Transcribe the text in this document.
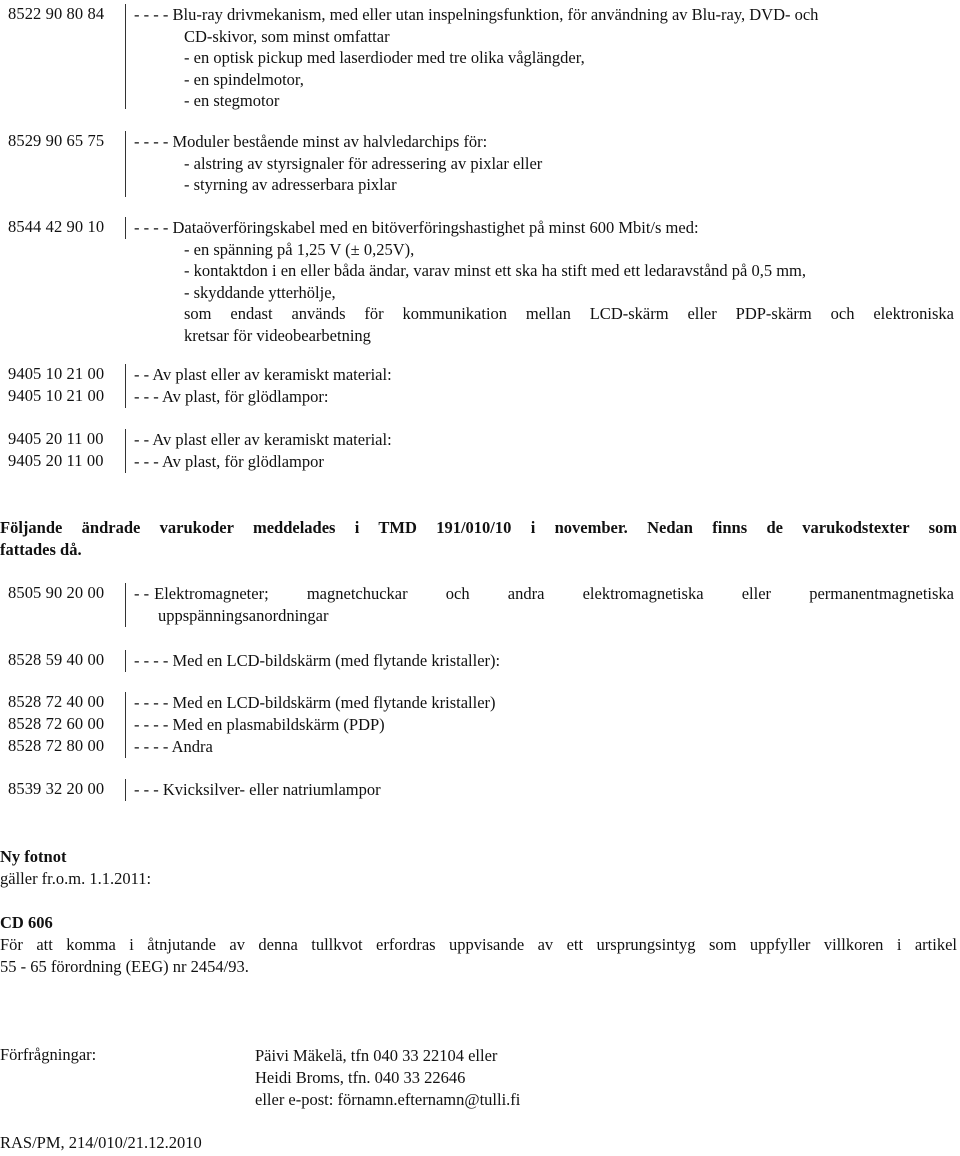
8522 90 80 84	- - - - Blu-ray drivmekanism, med eller utan inspelningsfunktion, för användning av Blu-ray, DVD- och
CD-skivor, som minst omfattar
- en optisk pickup med laserdioder med tre olika våglängder,
- en spindelmotor,
- en stegmotor
8529 90 65 75	- - - - Moduler bestående minst av halvledarchips för:
- alstring av styrsignaler för adressering av pixlar eller
- styrning av adresserbara pixlar
8544 42 90 10	- - - - Dataöverföringskabel med en bitöverföringshastighet på minst 600 Mbit/s med:
- en spänning på 1,25 V (± 0,25V),
- kontaktdon i en eller båda ändar, varav minst ett ska ha stift med ett ledaravstånd på 0,5 mm,
- skyddande ytterhölje,
som endast används för kommunikation mellan LCD-skärm eller PDP-skärm och elektroniska
kretsar för videobearbetning
9405 10 21 00	- - Av plast eller av keramiskt material:
9405 10 21 00	- - - Av plast, för glödlampor:
9405 20 11 00	- - Av plast eller av keramiskt material:
9405 20 11 00	- - - Av plast, för glödlampor
Följande ändrade varukoder meddelades i TMD 191/010/10 i november. Nedan finns de varukodstexter som
fattades då.
8505 90 20 00	- - Elektromagneter; magnetchuckar och andra elektromagnetiska eller permanentmagnetiska
uppspänningsanordningar
8528 59 40 00	- - - - Med en LCD-bildskärm (med flytande kristaller):
8528 72 40 00	- - - - Med en LCD-bildskärm (med flytande kristaller)
8528 72 60 00	- - - - Med en plasmabildskärm (PDP)
8528 72 80 00	- - - - Andra
8539 32 20 00	- - - Kvicksilver- eller natriumlampor
Ny fotnot
gäller fr.o.m. 1.1.2011:
CD 606
För att komma i åtnjutande av denna tullkvot erfordras uppvisande av ett ursprungsintyg som uppfyller villkoren i artikel
55 - 65 förordning (EEG) nr 2454/93.
Förfrågningar:	Päivi Mäkelä, tfn 040 33 22104 eller
Heidi Broms, tfn. 040 33 22646
eller e-post: förnamn.efternamn@tulli.fi
RAS/PM, 214/010/21.12.2010
